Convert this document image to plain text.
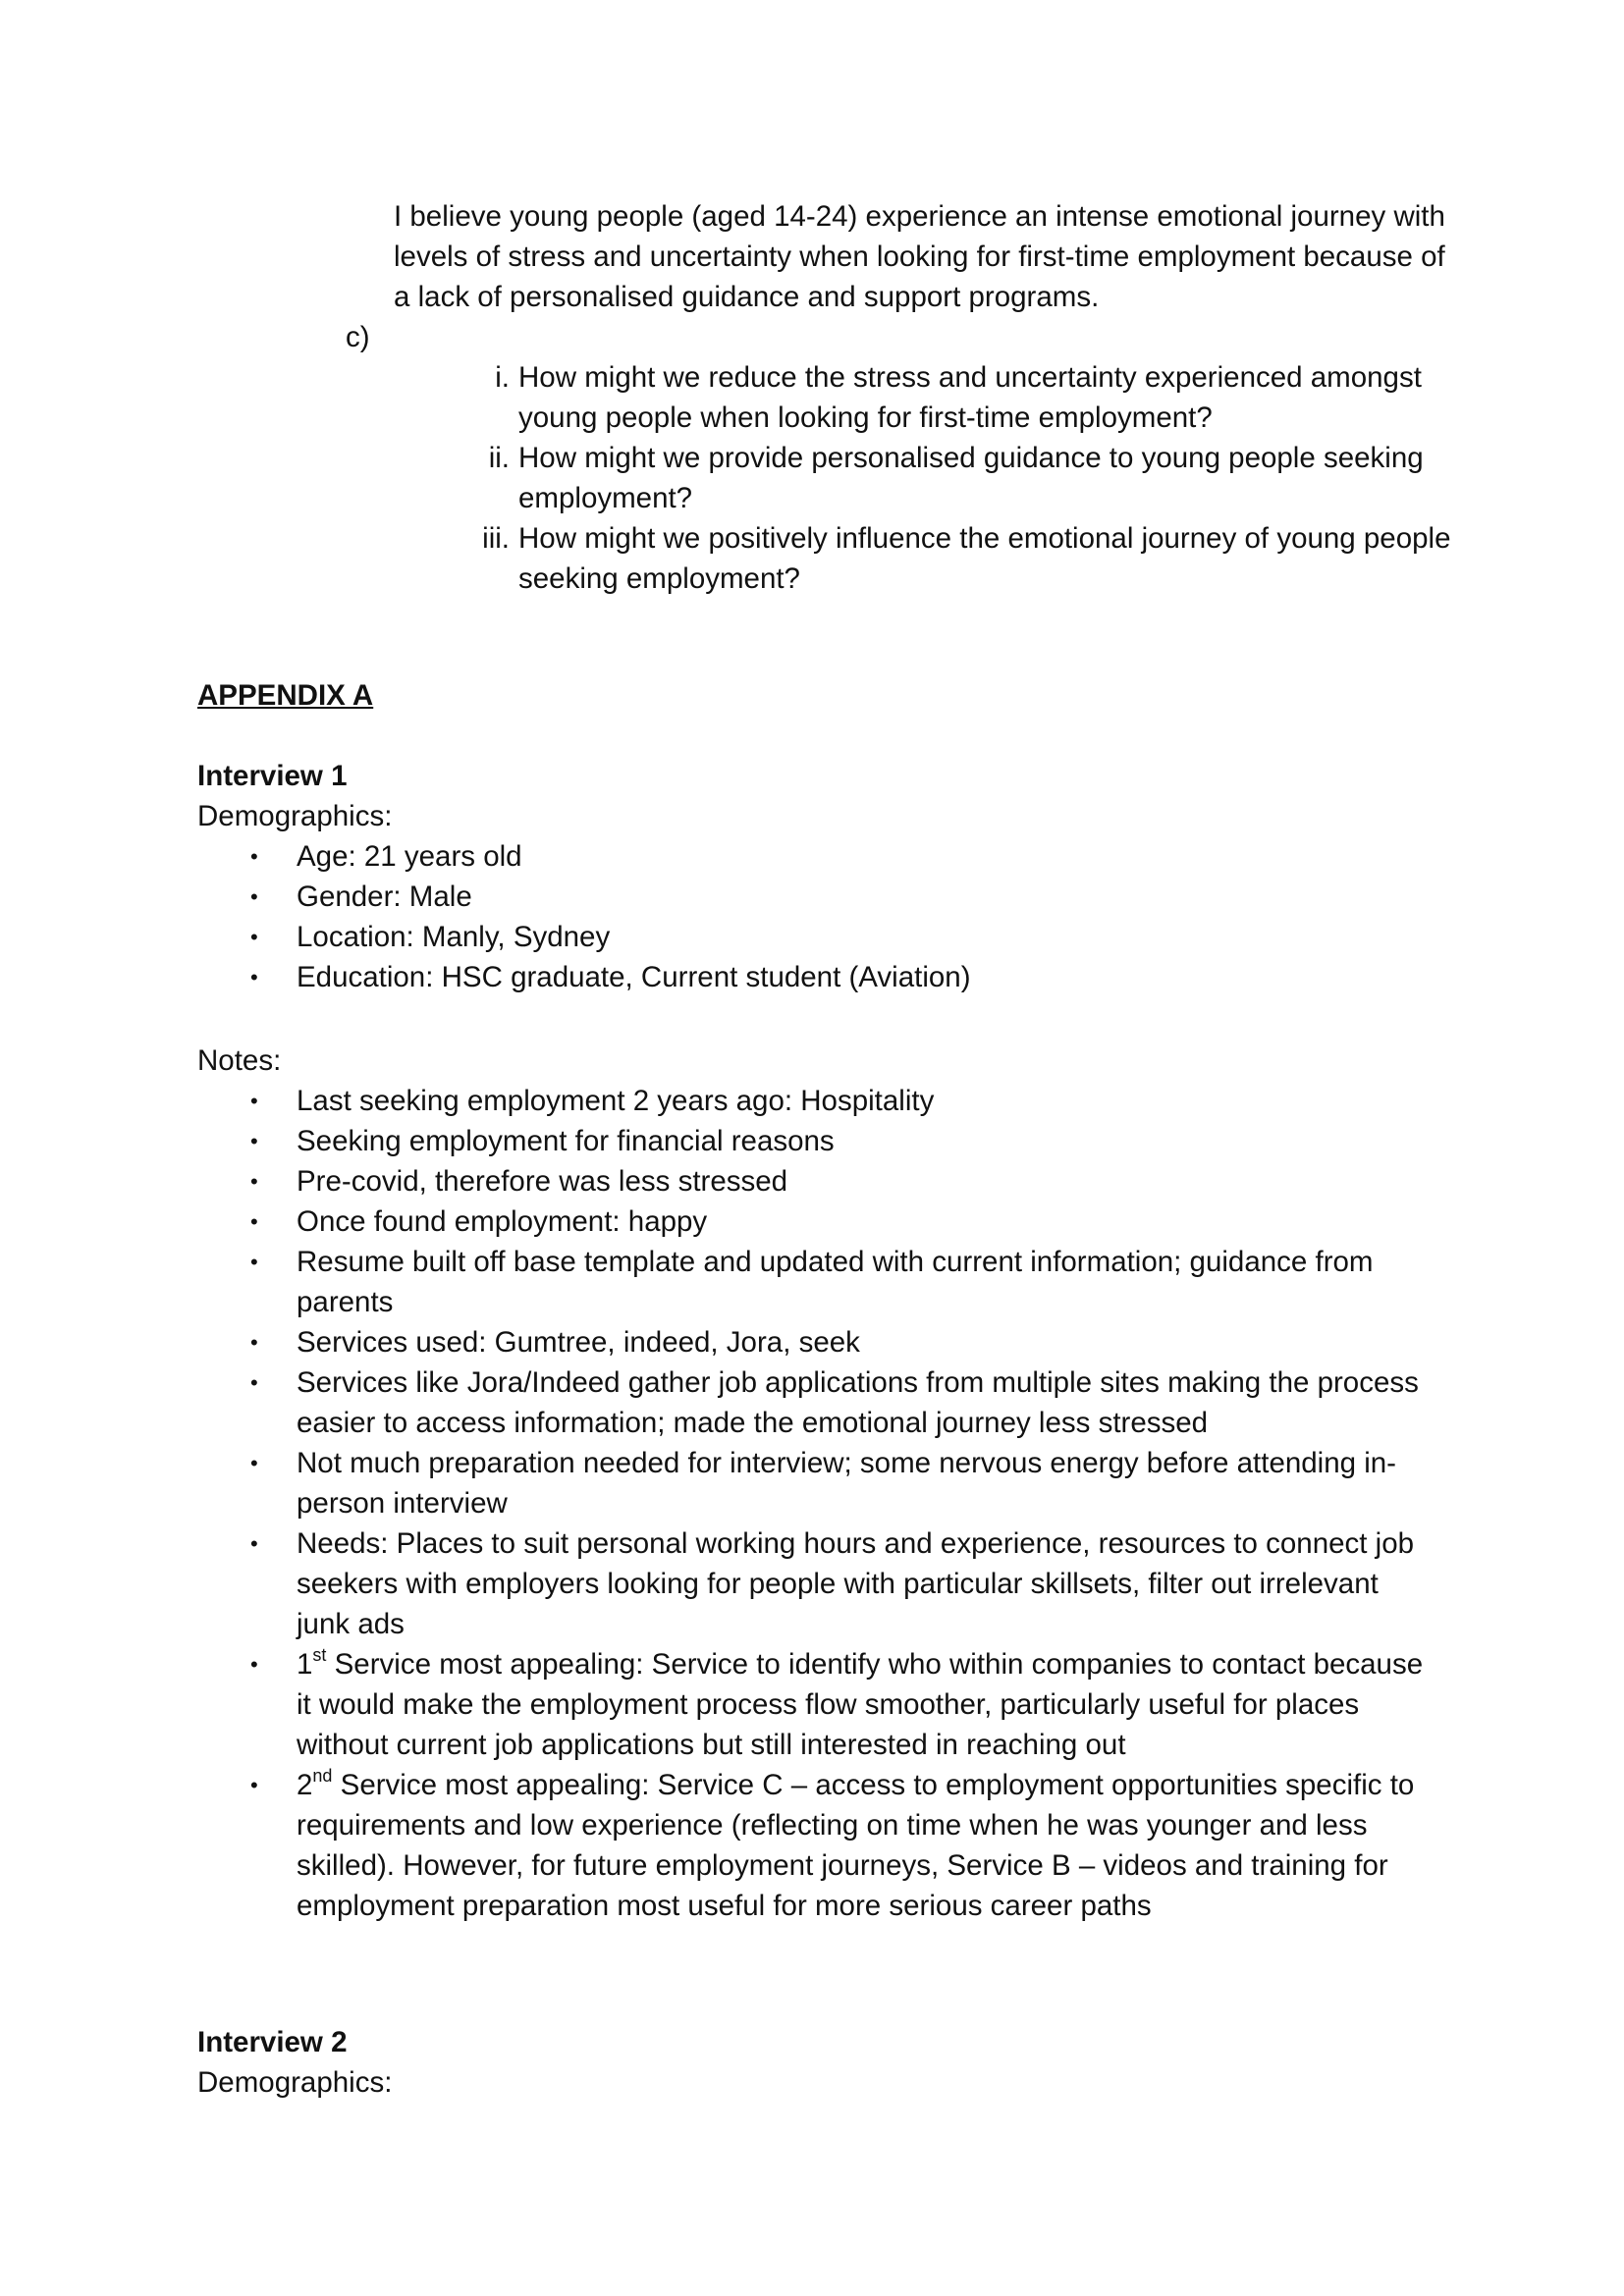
I believe young people (aged 14-24) experience an intense emotional journey with levels of stress and uncertainty when looking for first-time employment because of a lack of personalised guidance and support programs.

c)

i. How might we reduce the stress and uncertainty experienced amongst young people when looking for first-time employment?
ii. How might we provide personalised guidance to young people seeking employment?
iii. How might we positively influence the emotional journey of young people seeking employment?

APPENDIX A

Interview 1

Demographics:

• Age: 21 years old
• Gender: Male
• Location: Manly, Sydney
• Education: HSC graduate, Current student (Aviation)

Notes:

• Last seeking employment 2 years ago: Hospitality
• Seeking employment for financial reasons
• Pre-covid, therefore was less stressed
• Once found employment: happy
• Resume built off base template and updated with current information; guidance from parents
• Services used: Gumtree, indeed, Jora, seek
• Services like Jora/Indeed gather job applications from multiple sites making the process easier to access information; made the emotional journey less stressed
• Not much preparation needed for interview; some nervous energy before attending in-person interview
• Needs: Places to suit personal working hours and experience, resources to connect job seekers with employers looking for people with particular skillsets, filter out irrelevant junk ads
• 1st Service most appealing: Service to identify who within companies to contact because it would make the employment process flow smoother, particularly useful for places without current job applications but still interested in reaching out
• 2nd Service most appealing: Service C – access to employment opportunities specific to requirements and low experience (reflecting on time when he was younger and less skilled). However, for future employment journeys, Service B – videos and training for employment preparation most useful for more serious career paths

Interview 2

Demographics:
